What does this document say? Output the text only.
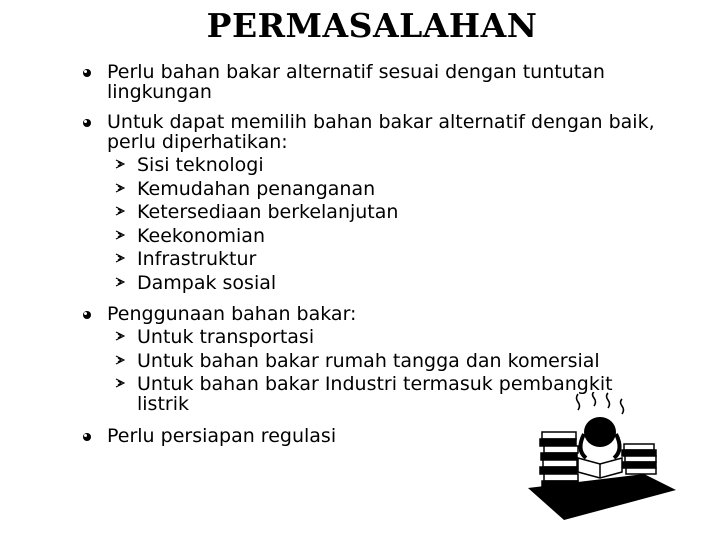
PERMASALAHAN
Perlu bahan bakar alternatif sesuai dengan tuntutan lingkungan
Untuk dapat memilih bahan bakar alternatif dengan baik, perlu diperhatikan:
Sisi teknologi
Kemudahan penanganan
Ketersediaan berkelanjutan
Keekonomian
Infrastruktur
Dampak sosial
Penggunaan bahan bakar:
Untuk transportasi
Untuk bahan bakar rumah tangga dan komersial
Untuk bahan bakar Industri termasuk pembangkit listrik
Perlu persiapan regulasi
